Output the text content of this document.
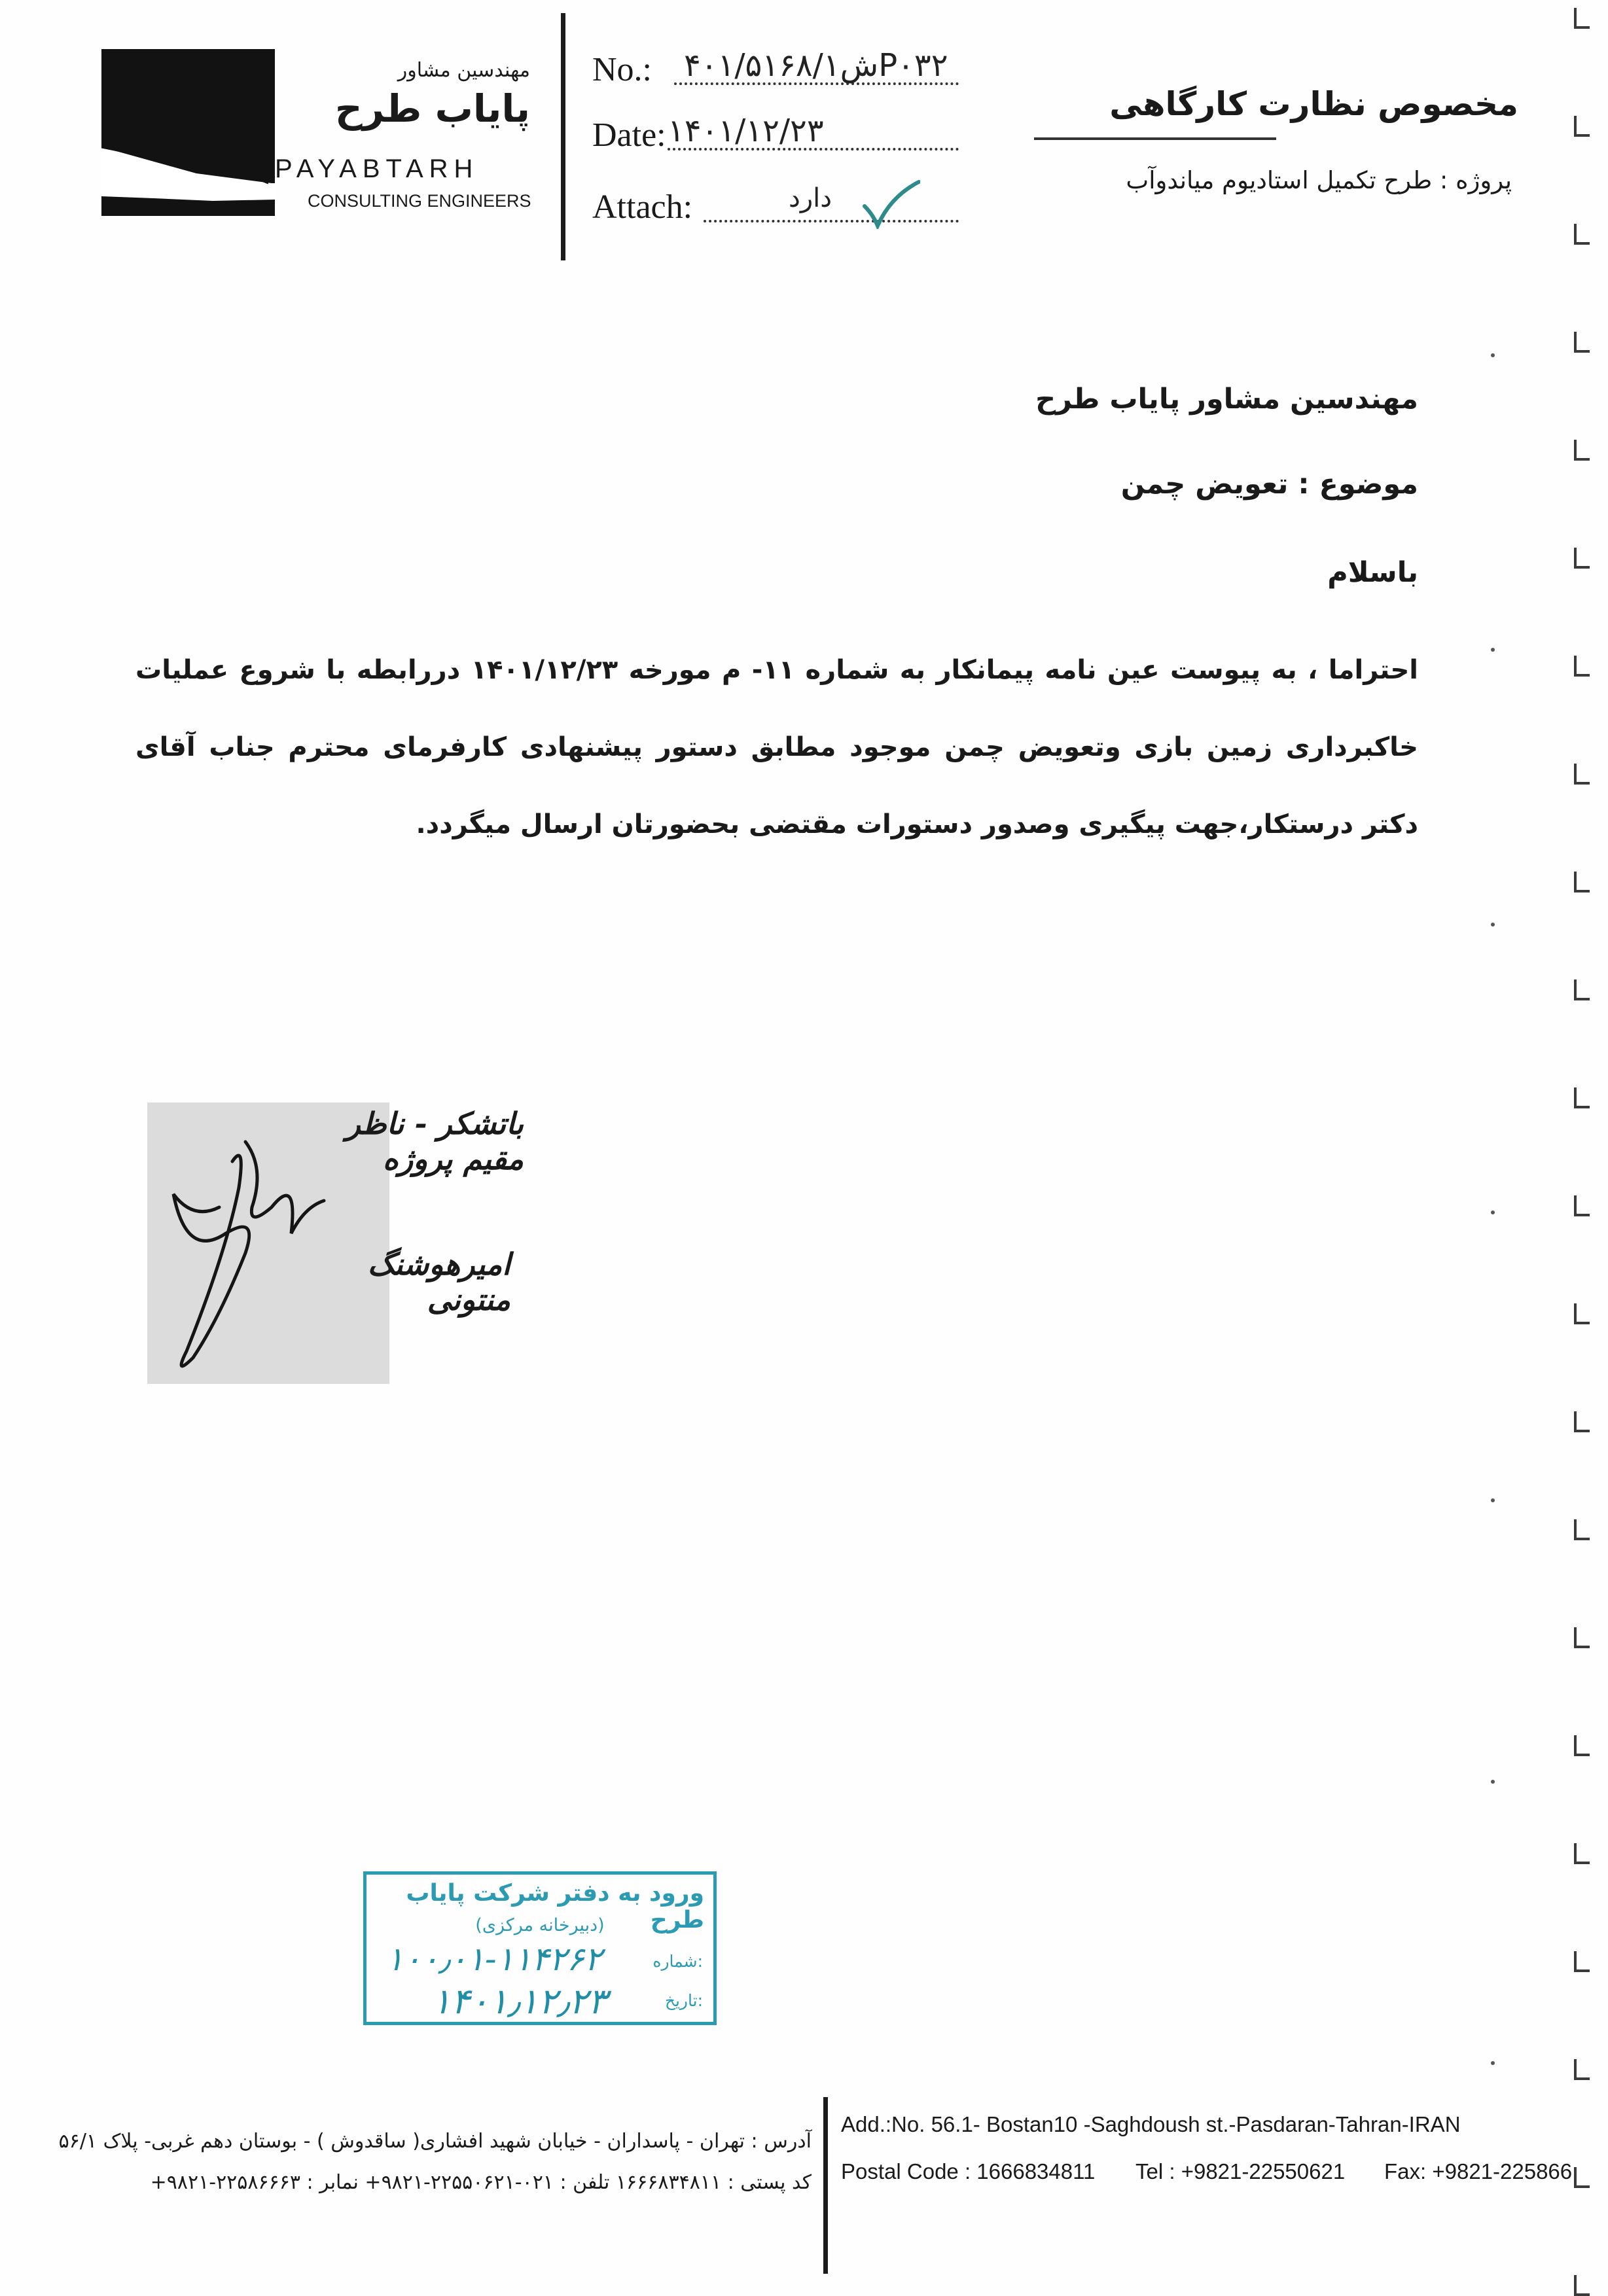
مهندسین مشاور
پایاب طرح
PAYABTARH
CONSULTING ENGINEERS
No.: ش۴۰۱/۵۱۶۸/۱P۰۳۲
Date: ۱۴۰۱/۱۲/۲۳
Attach:	دارد
مخصوص نظارت کارگاهی
پروژه : طرح تکمیل استادیوم میاندوآب
مهندسین مشاور پایاب طرح
موضوع : تعویض چمن
باسلام
احتراما ، به پیوست عین نامه پیمانکار به شماره ۱۱- م مورخه ۱۴۰۱/۱۲/۲۳ دررابطه با شروع عملیات خاکبرداری زمین بازی وتعویض چمن موجود مطابق دستور پیشنهادی کارفرمای محترم جناب آقای دکتر درستکار،جهت پیگیری وصدور دستورات مقتضی بحضورتان ارسال میگردد.
باتشکر - ناظر مقیم پروژه
امیرهوشنگ منتونی
ورود به دفتر شرکت پایاب طرح
(دبیرخانه مرکزی)
شماره:
۱۰۰٫۰۱-۱۱۴۲۶۲
تاریخ:
۱۴۰۱٫۱۲٫۲۳
آدرس : تهران - پاسداران - خیابان شهید افشاری( ساقدوش ) - بوستان دهم غربی- پلاک ۵۶/۱
کد پستی : ۱۶۶۶۸۳۴۸۱۱ تلفن : ۰۲۱-۲۲۵۵۰۶۲۱-۹۸۲۱+ نمابر : ۲۲۵۸۶۶۶۳-۹۸۲۱+
Add.:No. 56.1- Bostan10 -Saghdoush st.-Pasdaran-Tahran-IRAN
Postal Code : 1666834811 Tel : +9821-22550621 Fax: +9821-225866
